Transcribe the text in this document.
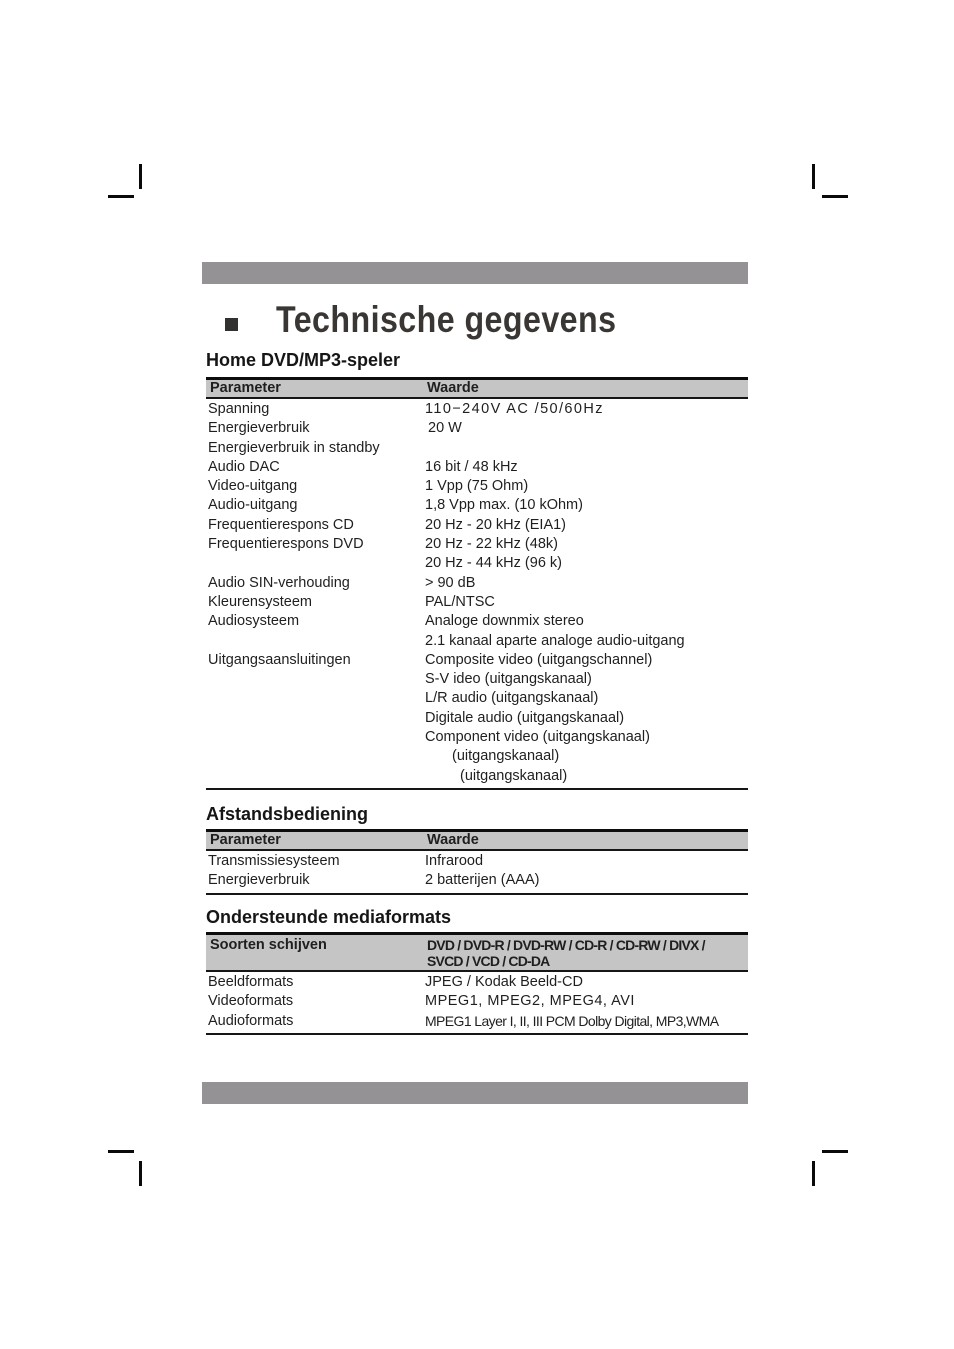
Technische gegevens
Home DVD/MP3-speler
Parameter	Waarde
Spanning	110−240V AC /50/60Hz
Energieverbruik	20 W
Energieverbruik in standby
Audio DAC	16 bit / 48 kHz
Video-uitgang	1 Vpp (75 Ohm)
Audio-uitgang	1,8 Vpp max. (10 kOhm)
Frequentierespons CD	20 Hz - 20 kHz (EIA1)
Frequentierespons DVD	20 Hz - 22 kHz (48k)
20 Hz - 44 kHz (96 k)
Audio SIN-verhouding	> 90 dB
Kleurensysteem	PAL/NTSC
Audiosysteem	Analoge downmix stereo
2.1 kanaal aparte analoge audio-uitgang
Uitgangsaansluitingen	Composite video (uitgangschannel)
S-V ideo (uitgangskanaal)
L/R audio (uitgangskanaal)
Digitale audio (uitgangskanaal)
Component video (uitgangskanaal)
(uitgangskanaal)
(uitgangskanaal)
Afstandsbediening
Parameter	Waarde
Transmissiesysteem	Infrarood
Energieverbruik	2 batterijen (AAA)
Ondersteunde mediaformats
Soorten schijven	DVD / DVD-R / DVD-RW / CD-R / CD-RW / DIVX /
SVCD / VCD / CD-DA
Beeldformats	JPEG / Kodak Beeld-CD
Videoformats	MPEG1, MPEG2, MPEG4, AVI
Audioformats	MPEG1 Layer I, II, III PCM Dolby Digital, MP3,WMA
